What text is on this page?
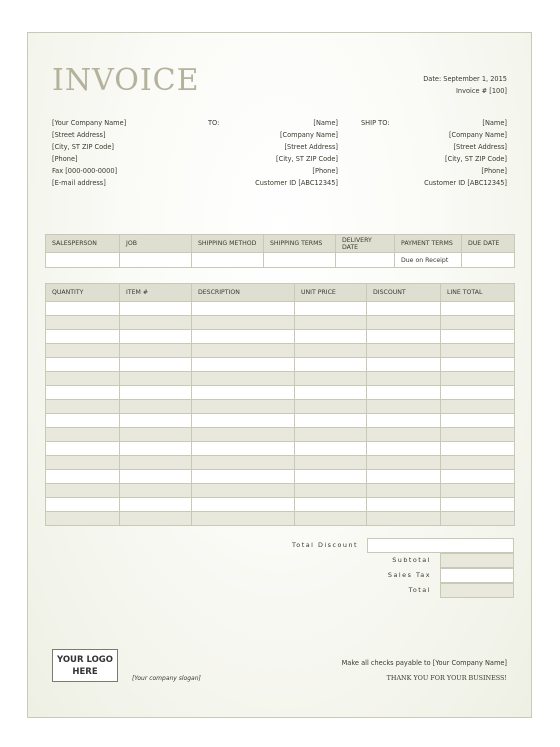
INVOICE	Date: September 1, 2015
Invoice # [100]
[Your Company Name]
[Street Address]
[City, ST ZIP Code]
[Phone]
Fax [000-000-0000]
[E-mail address]
TO:	[Name]
[Company Name]
[Street Address]
[City, ST ZIP Code]
[Phone]
Customer ID [ABC12345]
SHIP TO:	[Name]
[Company Name]
[Street Address]
[City, ST ZIP Code]
[Phone]
Customer ID [ABC12345]
SALESPERSON	JOB	SHIPPING METHOD	SHIPPING TERMS	DELIVERY DATE	PAYMENT TERMS	DUE DATE
					Due on Receipt	
QUANTITY	ITEM #	DESCRIPTION	UNIT PRICE	DISCOUNT	LINE TOTAL

Total Discount
Subtotal
Sales Tax
Total
YOUR LOGO HERE
[Your company slogan]
Make all checks payable to [Your Company Name]
THANK YOU FOR YOUR BUSINESS!
